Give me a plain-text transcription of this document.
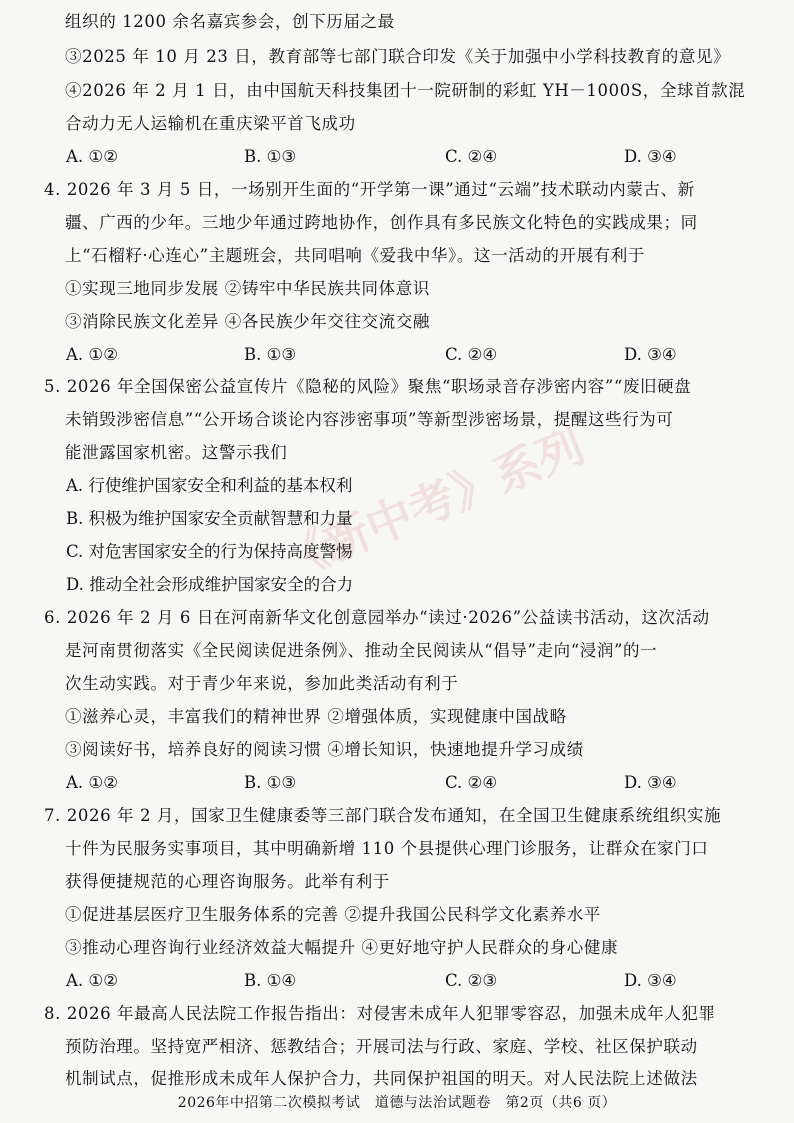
《新中考》系列
组织的 1200 余名嘉宾参会，创下历届之最
③2025 年 10 月 23 日，教育部等七部门联合印发《关于加强中小学科技教育的意见》
④2026 年 2 月 1 日，由中国航天科技集团十一院研制的彩虹 YH－1000S，全球首款混
合动力无人运输机在重庆梁平首飞成功
A. ①②	B. ①③	C. ②④	D. ③④
4. 2026 年 3 月 5 日，一场别开生面的“开学第一课”通过“云端”技术联动内蒙古、新
疆、广西的少年。三地少年通过跨地协作，创作具有多民族文化特色的实践成果；同
上“石榴籽·心连心”主题班会，共同唱响《爱我中华》。这一活动的开展有利于
①实现三地同步发展 ②铸牢中华民族共同体意识
③消除民族文化差异 ④各民族少年交往交流交融
A. ①②	B. ①③	C. ②④	D. ③④
5. 2026 年全国保密公益宣传片《隐秘的风险》聚焦“职场录音存涉密内容”“废旧硬盘
未销毁涉密信息”“公开场合谈论内容涉密事项”等新型涉密场景，提醒这些行为可
能泄露国家机密。这警示我们
A. 行使维护国家安全和利益的基本权利
B. 积极为维护国家安全贡献智慧和力量
C. 对危害国家安全的行为保持高度警惕
D. 推动全社会形成维护国家安全的合力
6. 2026 年 2 月 6 日在河南新华文化创意园举办“读过·2026”公益读书活动，这次活动
是河南贯彻落实《全民阅读促进条例》、推动全民阅读从“倡导”走向“浸润”的一
次生动实践。对于青少年来说，参加此类活动有利于
①滋养心灵，丰富我们的精神世界 ②增强体质，实现健康中国战略
③阅读好书，培养良好的阅读习惯 ④增长知识，快速地提升学习成绩
A. ①②	B. ①③	C. ②④	D. ③④
7. 2026 年 2 月，国家卫生健康委等三部门联合发布通知，在全国卫生健康系统组织实施
十件为民服务实事项目，其中明确新增 110 个县提供心理门诊服务，让群众在家门口
获得便捷规范的心理咨询服务。此举有利于
①促进基层医疗卫生服务体系的完善 ②提升我国公民科学文化素养水平
③推动心理咨询行业经济效益大幅提升 ④更好地守护人民群众的身心健康
A. ①②	B. ①④	C. ②③	D. ③④
8. 2026 年最高人民法院工作报告指出：对侵害未成年人犯罪零容忍，加强未成年人犯罪
预防治理。坚持宽严相济、惩教结合；开展司法与行政、家庭、学校、社区保护联动
机制试点，促推形成未成年人保护合力，共同保护祖国的明天。对人民法院上述做法
2026年中招第二次模拟考试　道德与法治试题卷　第2页（共6 页）
